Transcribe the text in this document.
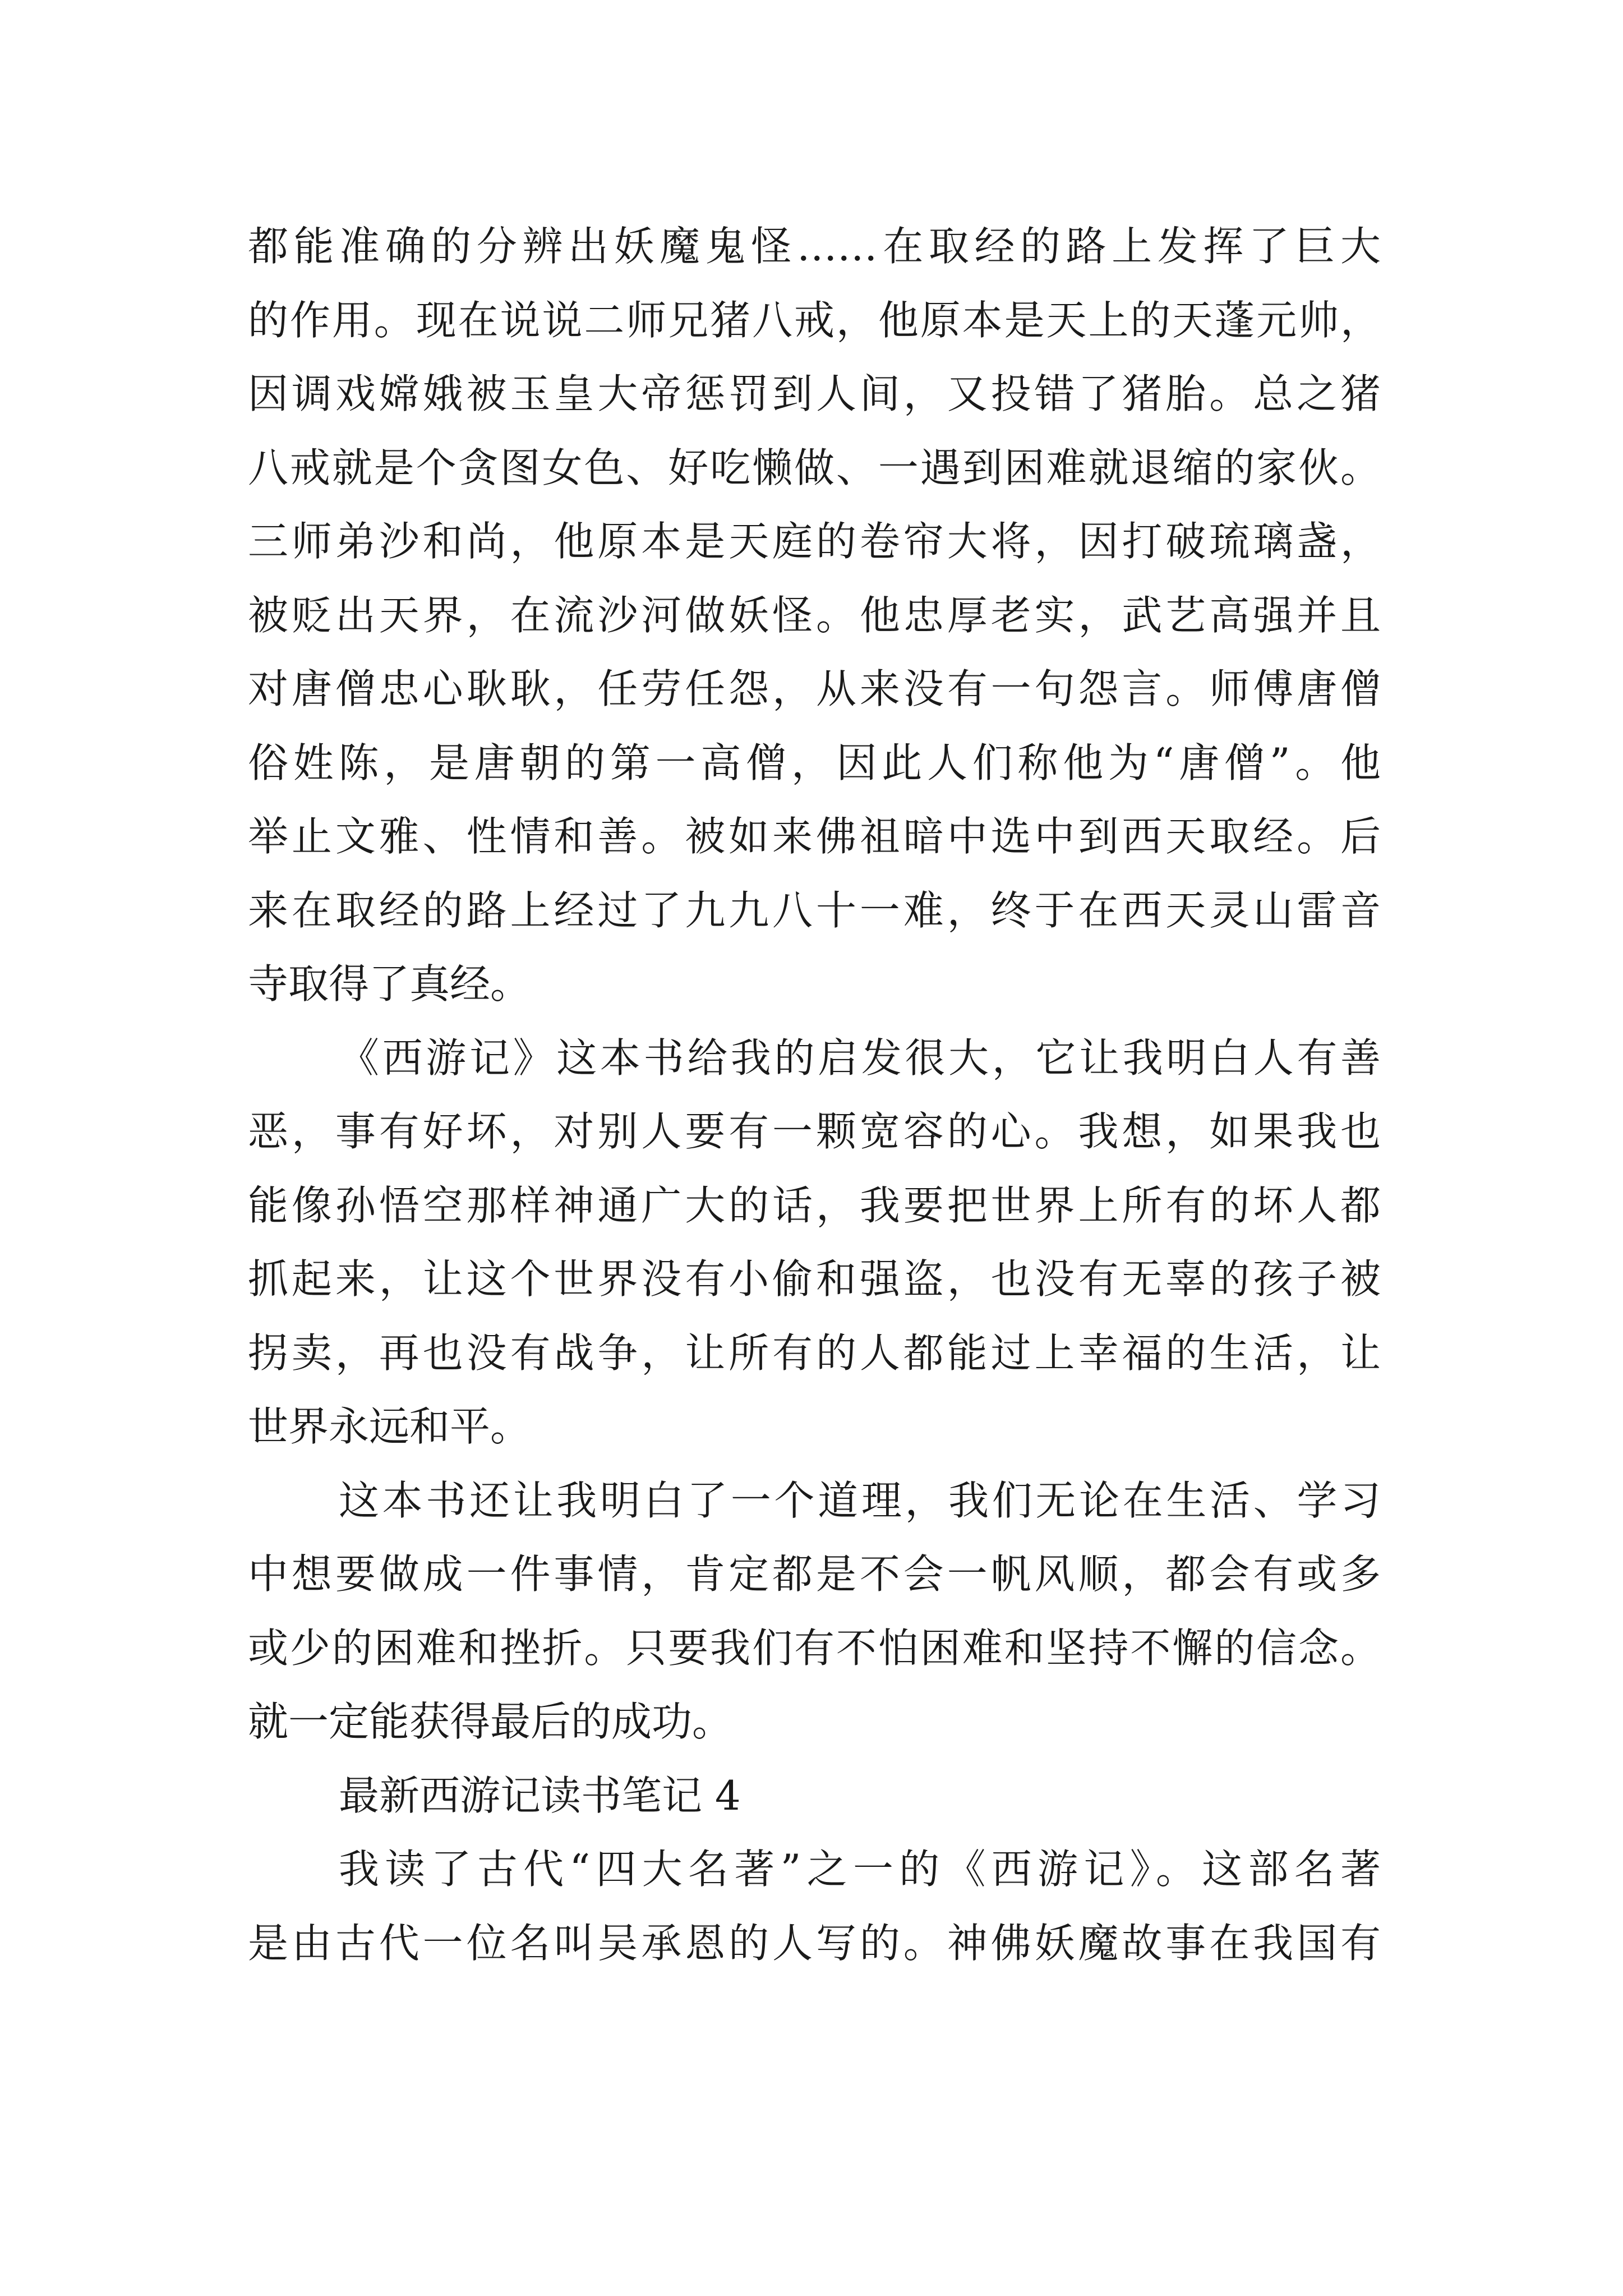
都能准确的分辨出妖魔鬼怪……在取经的路上发挥了巨大
的作用。现在说说二师兄猪八戒，他原本是天上的天蓬元帅，
因调戏嫦娥被玉皇大帝惩罚到人间，又投错了猪胎。总之猪
八戒就是个贪图女色、好吃懒做、一遇到困难就退缩的家伙。
三师弟沙和尚，他原本是天庭的卷帘大将，因打破琉璃盏，
被贬出天界，在流沙河做妖怪。他忠厚老实，武艺高强并且
对唐僧忠心耿耿，任劳任怨，从来没有一句怨言。师傅唐僧
俗姓陈，是唐朝的第一高僧，因此人们称他为“唐僧”。他
举止文雅、性情和善。被如来佛祖暗中选中到西天取经。后
来在取经的路上经过了九九八十一难，终于在西天灵山雷音
寺取得了真经。
《西游记》这本书给我的启发很大，它让我明白人有善
恶，事有好坏，对别人要有一颗宽容的心。我想，如果我也
能像孙悟空那样神通广大的话，我要把世界上所有的坏人都
抓起来，让这个世界没有小偷和强盗，也没有无辜的孩子被
拐卖，再也没有战争，让所有的人都能过上幸福的生活，让
世界永远和平。
这本书还让我明白了一个道理，我们无论在生活、学习
中想要做成一件事情，肯定都是不会一帆风顺，都会有或多
或少的困难和挫折。只要我们有不怕困难和坚持不懈的信念。
就一定能获得最后的成功。
最新西游记读书笔记 4
我读了古代“四大名著”之一的《西游记》。这部名著
是由古代一位名叫吴承恩的人写的。神佛妖魔故事在我国有
